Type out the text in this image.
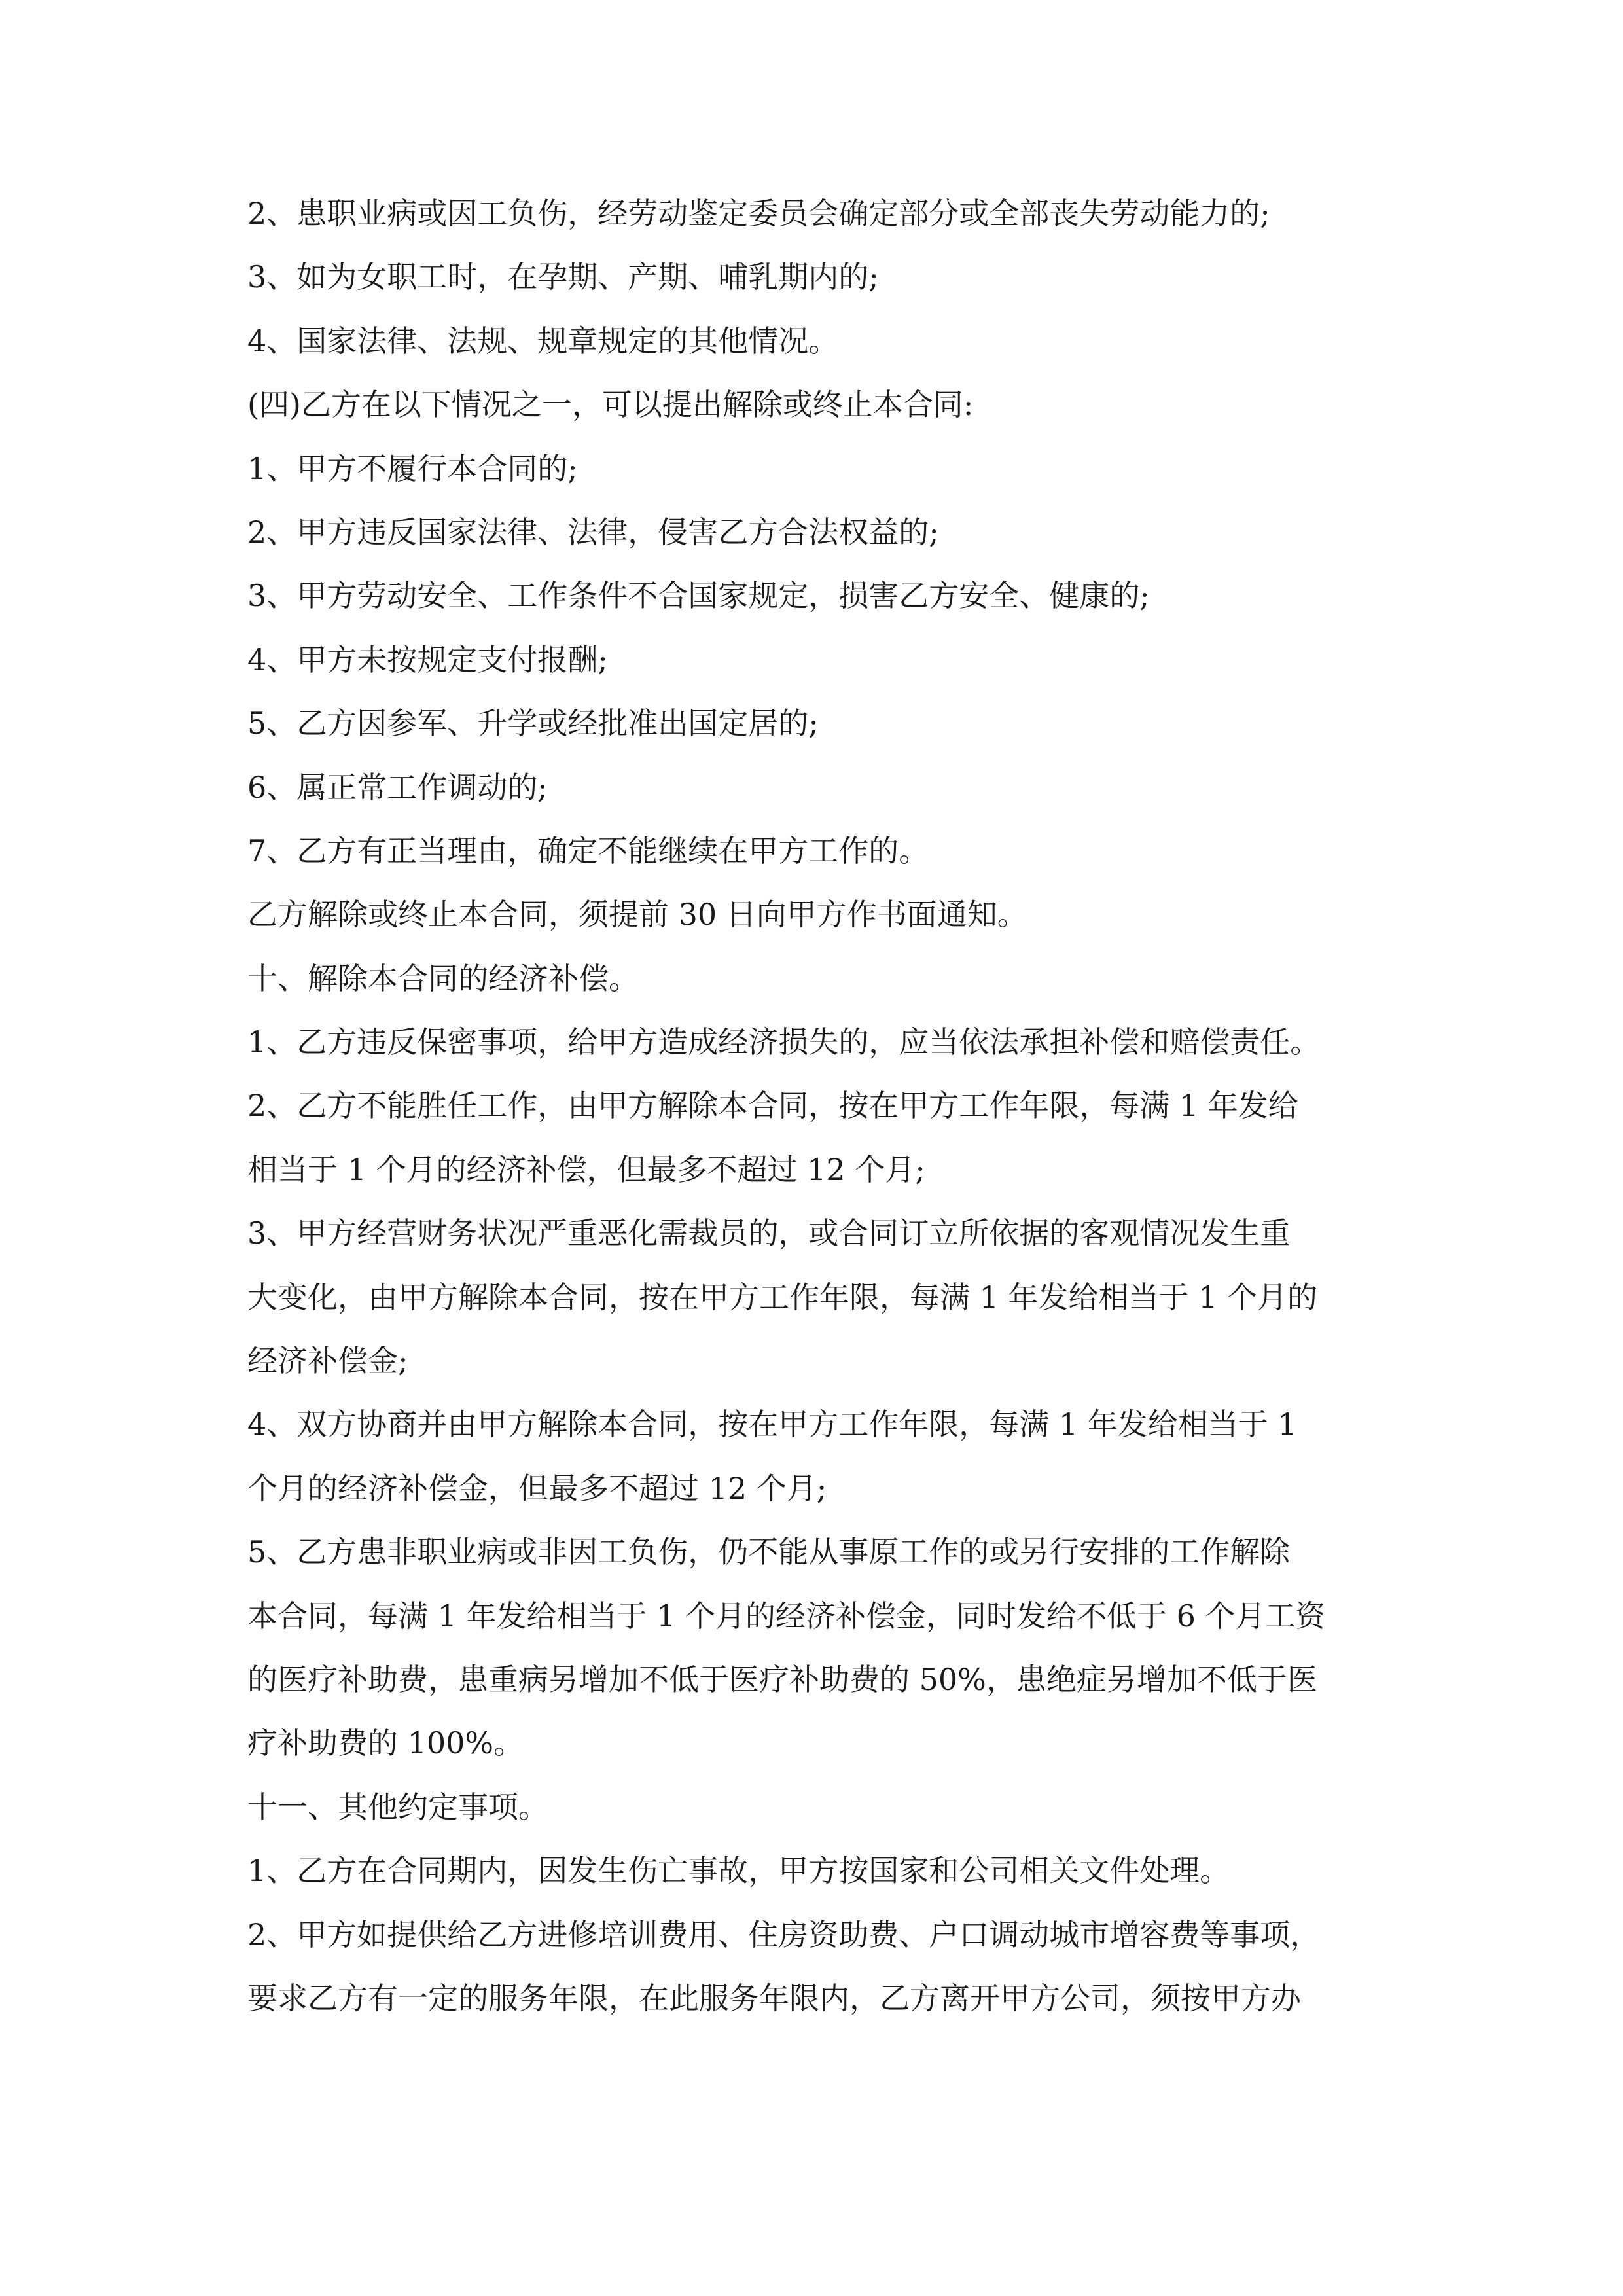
2、患职业病或因工负伤，经劳动鉴定委员会确定部分或全部丧失劳动能力的;
3、如为女职工时，在孕期、产期、哺乳期内的;
4、国家法律、法规、规章规定的其他情况。
(四)乙方在以下情况之一，可以提出解除或终止本合同:
1、甲方不履行本合同的;
2、甲方违反国家法律、法律，侵害乙方合法权益的;
3、甲方劳动安全、工作条件不合国家规定，损害乙方安全、健康的;
4、甲方未按规定支付报酬;
5、乙方因参军、升学或经批准出国定居的;
6、属正常工作调动的;
7、乙方有正当理由，确定不能继续在甲方工作的。
乙方解除或终止本合同，须提前 30 日向甲方作书面通知。
十、解除本合同的经济补偿。
1、乙方违反保密事项，给甲方造成经济损失的，应当依法承担补偿和赔偿责任。
2、乙方不能胜任工作，由甲方解除本合同，按在甲方工作年限，每满 1 年发给
相当于 1 个月的经济补偿，但最多不超过 12 个月;
3、甲方经营财务状况严重恶化需裁员的，或合同订立所依据的客观情况发生重
大变化，由甲方解除本合同，按在甲方工作年限，每满 1 年发给相当于 1 个月的
经济补偿金;
4、双方协商并由甲方解除本合同，按在甲方工作年限，每满 1 年发给相当于 1
个月的经济补偿金，但最多不超过 12 个月;
5、乙方患非职业病或非因工负伤，仍不能从事原工作的或另行安排的工作解除
本合同，每满 1 年发给相当于 1 个月的经济补偿金，同时发给不低于 6 个月工资
的医疗补助费，患重病另增加不低于医疗补助费的 50%，患绝症另增加不低于医
疗补助费的 100%。
十一、其他约定事项。
1、乙方在合同期内，因发生伤亡事故，甲方按国家和公司相关文件处理。
2、甲方如提供给乙方进修培训费用、住房资助费、户口调动城市增容费等事项，
要求乙方有一定的服务年限，在此服务年限内，乙方离开甲方公司，须按甲方办
